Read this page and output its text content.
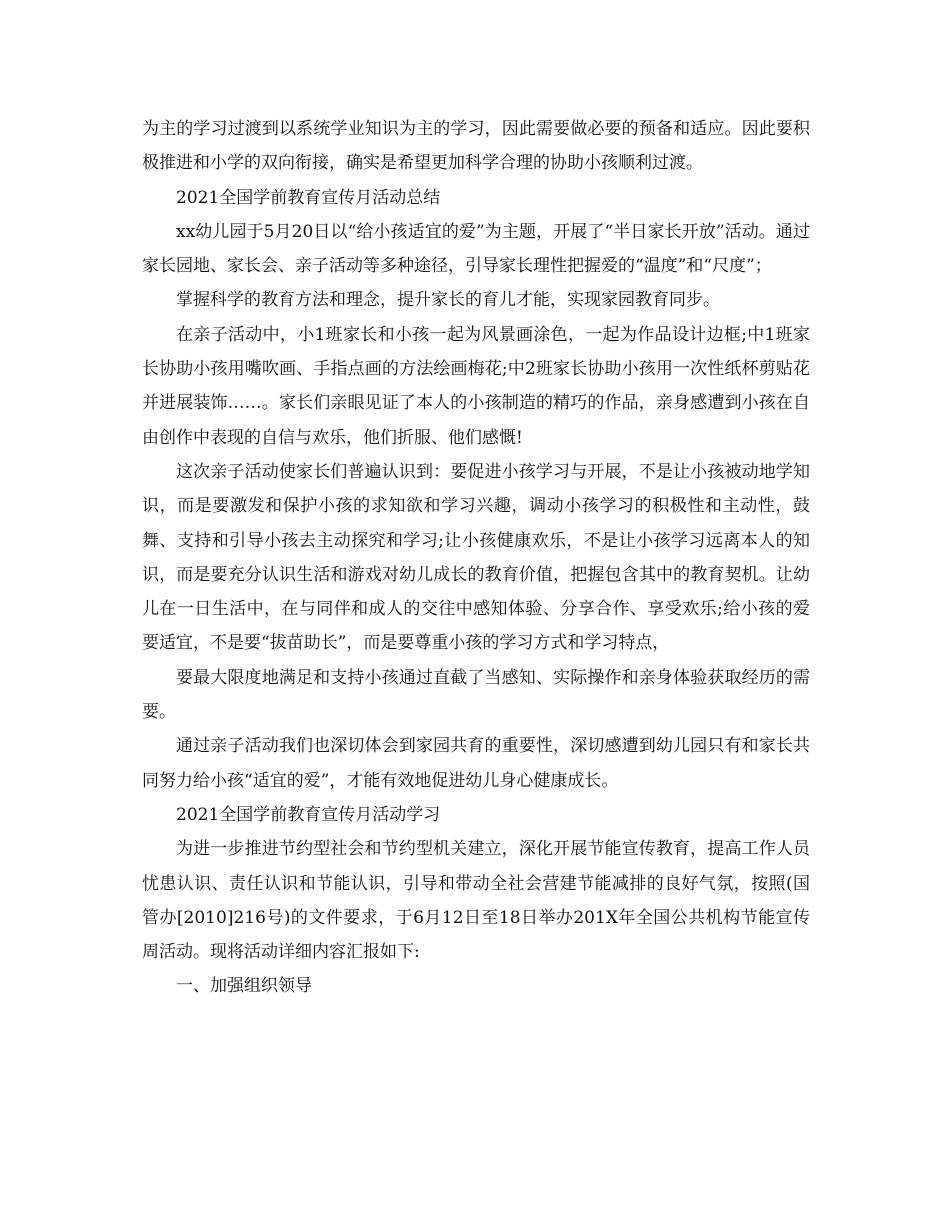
为主的学习过渡到以系统学业知识为主的学习，因此需要做必要的预备和适应。因此要积极推进和小学的双向衔接，确实是希望更加科学合理的协助小孩顺利过渡。

2021全国学前教育宣传月活动总结

xx幼儿园于5月20日以“给小孩适宜的爱”为主题，开展了“半日家长开放”活动。通过家长园地、家长会、亲子活动等多种途径，引导家长理性把握爱的“温度”和“尺度”；

掌握科学的教育方法和理念，提升家长的育儿才能，实现家园教育同步。

在亲子活动中，小1班家长和小孩一起为风景画涂色，一起为作品设计边框;中1班家长协助小孩用嘴吹画、手指点画的方法绘画梅花;中2班家长协助小孩用一次性纸杯剪贴花并进展装饰……。家长们亲眼见证了本人的小孩制造的精巧的作品，亲身感遭到小孩在自由创作中表现的自信与欢乐，他们折服、他们感慨!

这次亲子活动使家长们普遍认识到：要促进小孩学习与开展，不是让小孩被动地学知识，而是要激发和保护小孩的求知欲和学习兴趣，调动小孩学习的积极性和主动性，鼓舞、支持和引导小孩去主动探究和学习;让小孩健康欢乐，不是让小孩学习远离本人的知识，而是要充分认识生活和游戏对幼儿成长的教育价值，把握包含其中的教育契机。让幼儿在一日生活中，在与同伴和成人的交往中感知体验、分享合作、享受欢乐;给小孩的爱要适宜，不是要“拔苗助长”，而是要尊重小孩的学习方式和学习特点，

要最大限度地满足和支持小孩通过直截了当感知、实际操作和亲身体验获取经历的需要。

通过亲子活动我们也深切体会到家园共育的重要性，深切感遭到幼儿园只有和家长共同努力给小孩“适宜的爱”，才能有效地促进幼儿身心健康成长。

2021全国学前教育宣传月活动学习

为进一步推进节约型社会和节约型机关建立，深化开展节能宣传教育，提高工作人员忧患认识、责任认识和节能认识，引导和带动全社会营建节能减排的良好气氛，按照(国管办[2010]216号)的文件要求，于6月12日至18日举办201X年全国公共机构节能宣传周活动。现将活动详细内容汇报如下:

一、加强组织领导
